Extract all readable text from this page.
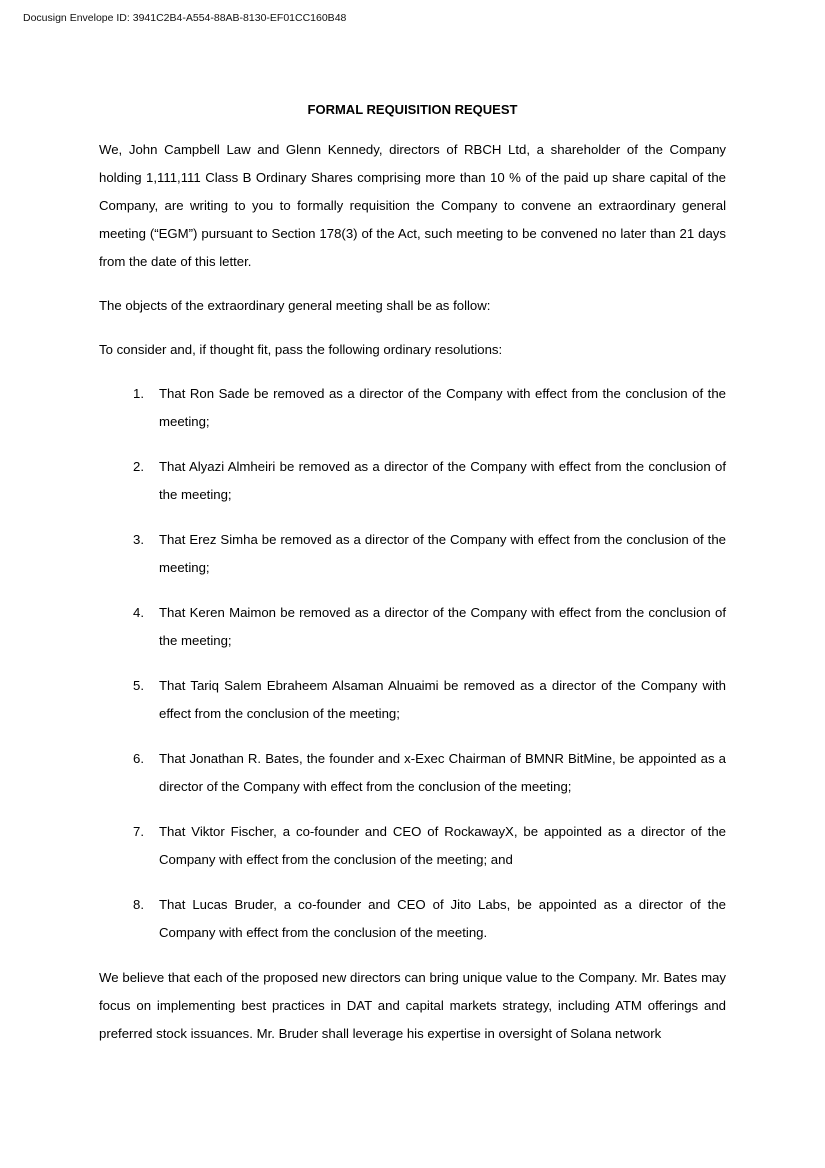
Docusign Envelope ID: 3941C2B4-A554-88AB-8130-EF01CC160B48
FORMAL REQUISITION REQUEST
We, John Campbell Law and Glenn Kennedy, directors of RBCH Ltd, a shareholder of the Company holding 1,111,111 Class B Ordinary Shares comprising more than 10 % of the paid up share capital of the Company, are writing to you to formally requisition the Company to convene an extraordinary general meeting (“EGM”) pursuant to Section 178(3) of the Act, such meeting to be convened no later than 21 days from the date of this letter.
The objects of the extraordinary general meeting shall be as follow:
To consider and, if thought fit, pass the following ordinary resolutions:
1. That Ron Sade be removed as a director of the Company with effect from the conclusion of the meeting;
2. That Alyazi Almheiri be removed as a director of the Company with effect from the conclusion of the meeting;
3. That Erez Simha be removed as a director of the Company with effect from the conclusion of the meeting;
4. That Keren Maimon be removed as a director of the Company with effect from the conclusion of the meeting;
5. That Tariq Salem Ebraheem Alsaman Alnuaimi be removed as a director of the Company with effect from the conclusion of the meeting;
6. That Jonathan R. Bates, the founder and x-Exec Chairman of BMNR BitMine, be appointed as a director of the Company with effect from the conclusion of the meeting;
7. That Viktor Fischer, a co-founder and CEO of RockawayX, be appointed as a director of the Company with effect from the conclusion of the meeting; and
8. That Lucas Bruder, a co-founder and CEO of Jito Labs, be appointed as a director of the Company with effect from the conclusion of the meeting.
We believe that each of the proposed new directors can bring unique value to the Company. Mr. Bates may focus on implementing best practices in DAT and capital markets strategy, including ATM offerings and preferred stock issuances. Mr. Bruder shall leverage his expertise in oversight of Solana network
